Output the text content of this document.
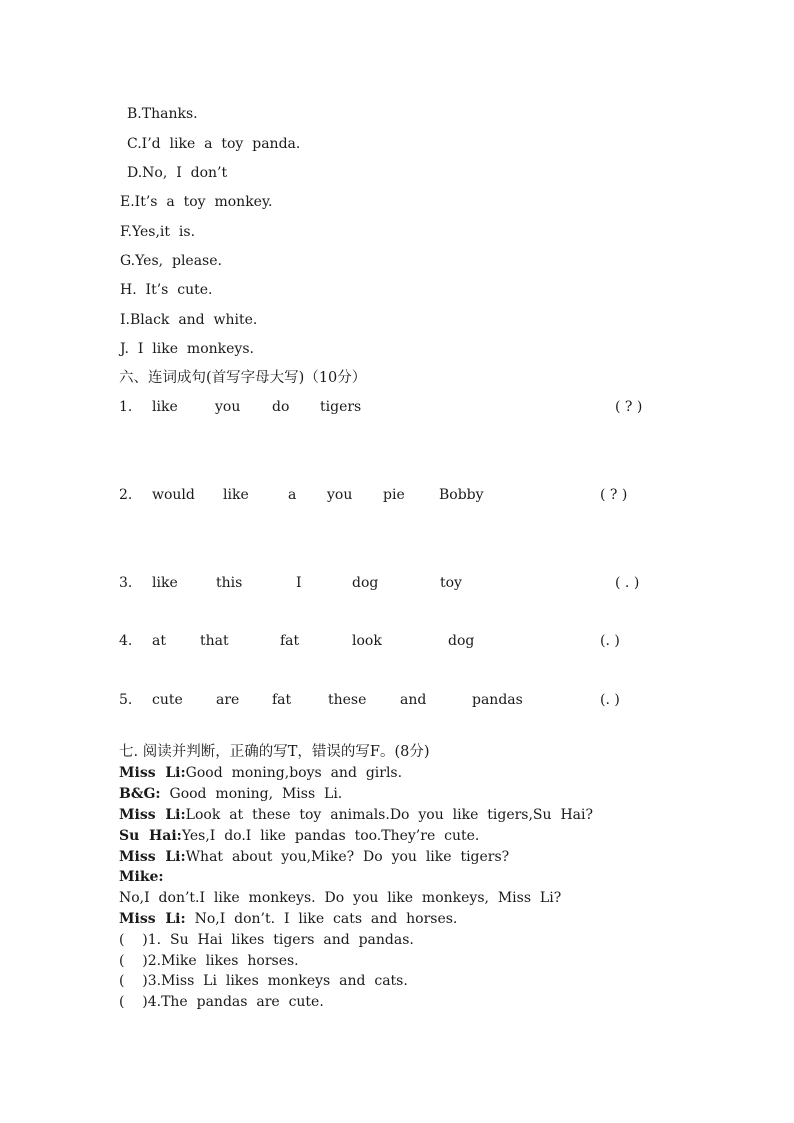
B.Thanks.
C.I’d  like  a  toy  panda.
D.No,  I  don’t
E.It’s  a  toy  monkey.
F.Yes,it  is.
G.Yes,  please.
H.  It’s  cute.
I.Black  and  white.
J.  I  like  monkeys.
六、连词成句(首写字母大写)（10分）
1. like	you do tigers	( ? )
2. would like	a you pie Bobby	( ? )
3. like	this	I	dog	toy	( . )
4. at that	fat	look	dog	(. )
5. cute are fat	these and	pandas	(. )
七. 阅读并判断，正确的写T，错误的写F。(8分)
Miss  Li:Good  moning,boys  and  girls.
B&G:  Good  moning,  Miss  Li.
Miss  Li:Look  at  these  toy  animals.Do  you  like  tigers,Su  Hai?
Su  Hai:Yes,I  do.I  like  pandas  too.They’re  cute.
Miss  Li:What  about  you,Mike?  Do  you  like  tigers?
Mike:
No,I  don’t.I  like  monkeys.  Do  you  like  monkeys,  Miss  Li?
Miss  Li:  No,I  don’t.  I  like  cats  and  horses.
(    )1.  Su  Hai  likes  tigers  and  pandas.
(    )2.Mike  likes  horses.
(    )3.Miss  Li  likes  monkeys  and  cats.
(    )4.The  pandas  are  cute.
